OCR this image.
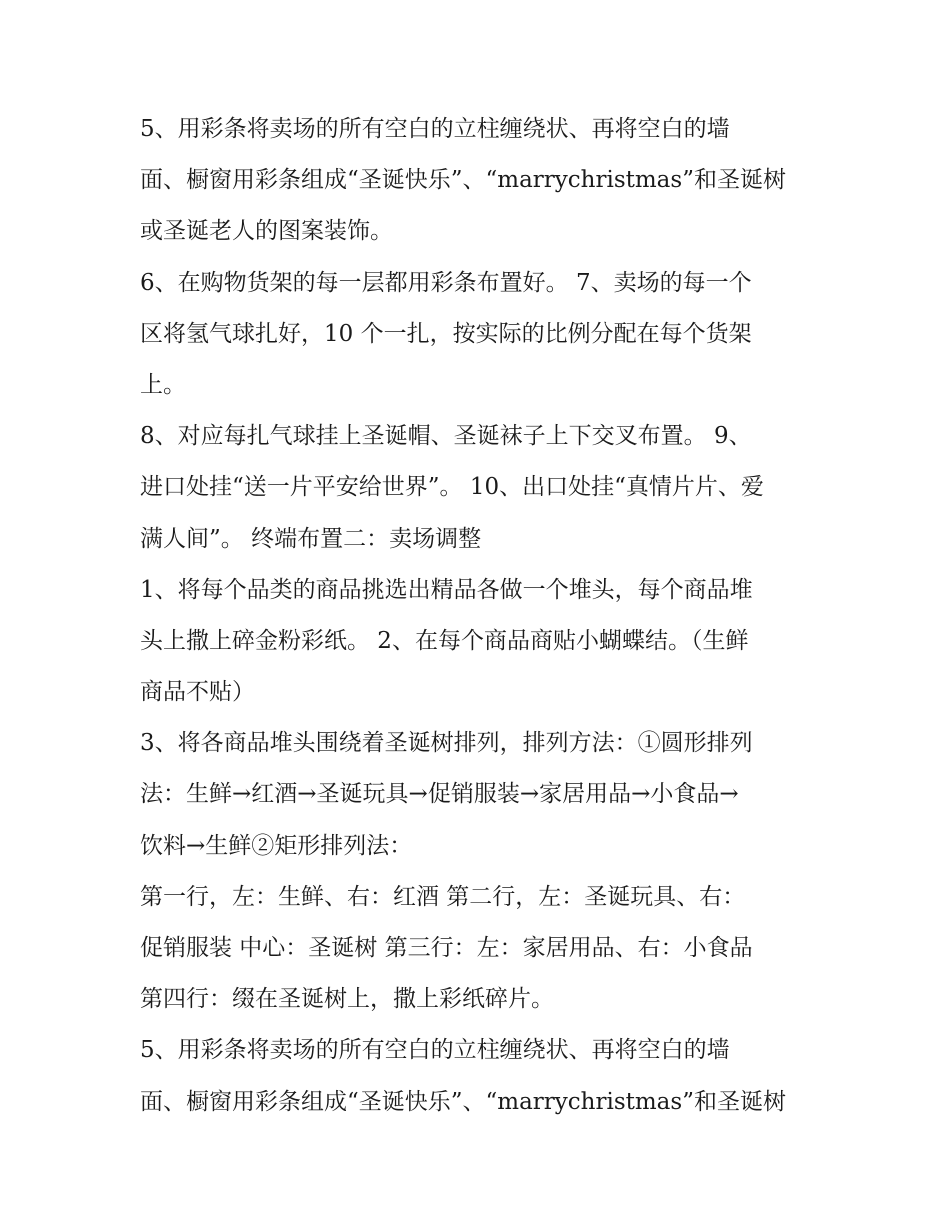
5、用彩条将卖场的所有空白的立柱缠绕状、再将空白的墙
面、橱窗用彩条组成“圣诞快乐”、“marrychristmas”和圣诞树
或圣诞老人的图案装饰。

6、在购物货架的每一层都用彩条布置好。 7、卖场的每一个
区将氢气球扎好，10 个一扎，按实际的比例分配在每个货架
上。

8、对应每扎气球挂上圣诞帽、圣诞袜子上下交叉布置。 9、
进口处挂“送一片平安给世界”。 10、出口处挂“真情片片、爱
满人间”。 终端布置二：卖场调整

1、将每个品类的商品挑选出精品各做一个堆头，每个商品堆
头上撒上碎金粉彩纸。 2、在每个商品商贴小蝴蝶结。（生鲜
商品不贴）

3、将各商品堆头围绕着圣诞树排列，排列方法：①圆形排列
法：生鲜→红酒→圣诞玩具→促销服装→家居用品→小食品→
饮料→生鲜②矩形排列法：

第一行，左：生鲜、右：红酒 第二行，左：圣诞玩具、右：
促销服装 中心：圣诞树 第三行：左：家居用品、右：小食品
第四行：缀在圣诞树上，撒上彩纸碎片。

5、用彩条将卖场的所有空白的立柱缠绕状、再将空白的墙
面、橱窗用彩条组成“圣诞快乐”、“marrychristmas”和圣诞树
